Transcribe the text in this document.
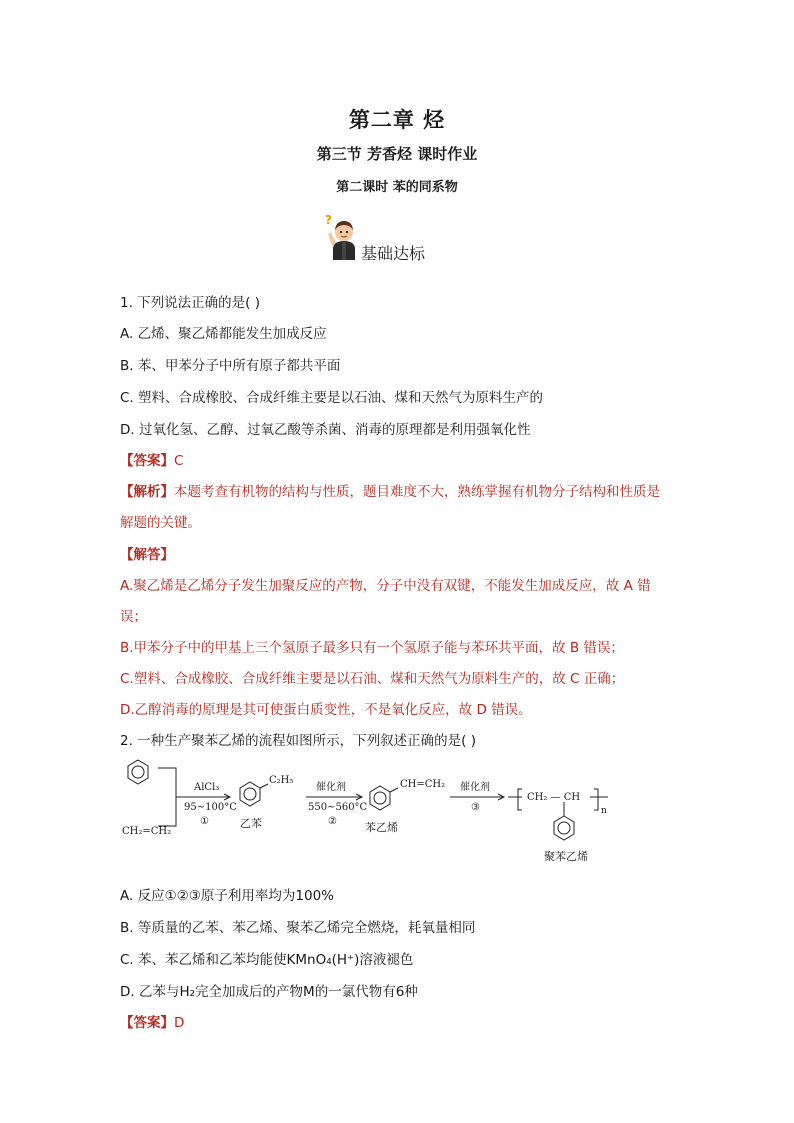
第二章 烃
第三节 芳香烃 课时作业
第二课时 苯的同系物
?
基础达标
1. 下列说法正确的是( )
A. 乙烯、聚乙烯都能发生加成反应
B. 苯、甲苯分子中所有原子都共平面
C. 塑料、合成橡胶、合成纤维主要是以石油、煤和天然气为原料生产的
D. 过氧化氢、乙醇、过氧乙酸等杀菌、消毒的原理都是利用强氧化性
【答案】C
【解析】本题考查有机物的结构与性质，题目难度不大，熟练掌握有机物分子结构和性质是
解题的关键。
【解答】
A.聚乙烯是乙烯分子发生加聚反应的产物，分子中没有双键，不能发生加成反应，故 A 错
误；
B.甲苯分子中的甲基上三个氢原子最多只有一个氢原子能与苯环共平面，故 B 错误；
C.塑料、合成橡胶、合成纤维主要是以石油、煤和天然气为原料生产的，故 C 正确；
D.乙醇消毒的原理是其可使蛋白质变性，不是氧化反应，故 D 错误。
2. 一种生产聚苯乙烯的流程如图所示，下列叙述正确的是( )
CH₂=CH₂
AlCl₃
95~100°C
①
C₂H₅
乙苯
催化剂
550~560°C
②
CH=CH₂
苯乙烯
催化剂
③
CH₂ — CH
n
聚苯乙烯
A. 反应①②③原子利用率均为100%
B. 等质量的乙苯、苯乙烯、聚苯乙烯完全燃烧，耗氧量相同
C. 苯、苯乙烯和乙苯均能使KMnO₄(H⁺)溶液褪色
D. 乙苯与H₂完全加成后的产物M的一氯代物有6种
【答案】D
